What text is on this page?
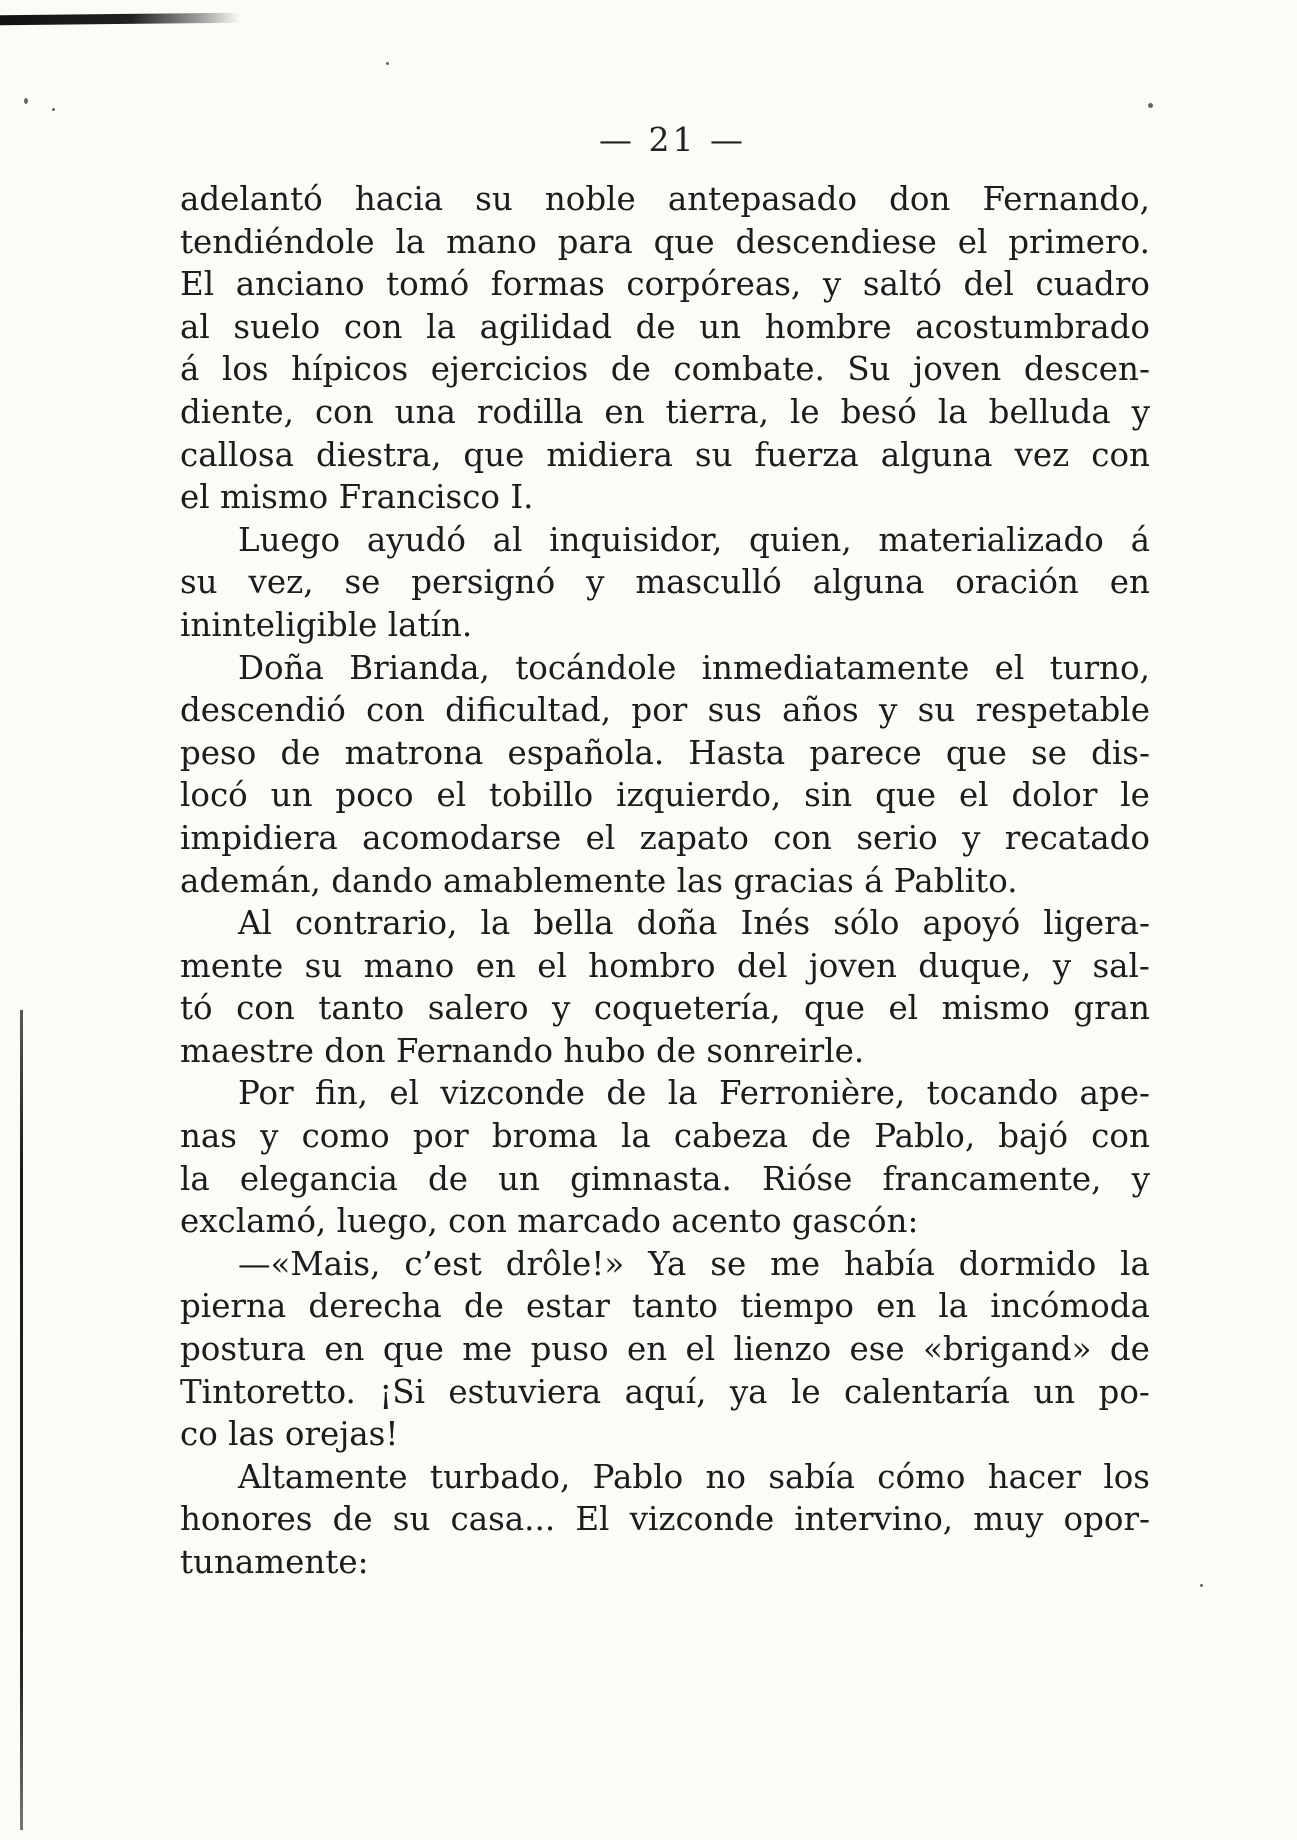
— 21 —
adelantó hacia su noble antepasado don Fernando,
tendiéndole la mano para que descendiese el primero.
El anciano tomó formas corpóreas, y saltó del cuadro
al suelo con la agilidad de un hombre acostumbrado
á los hípicos ejercicios de combate. Su joven descen-
diente, con una rodilla en tierra, le besó la belluda y
callosa diestra, que midiera su fuerza alguna vez con
el mismo Francisco I.
Luego ayudó al inquisidor, quien, materializado á
su vez, se persignó y masculló alguna oración en
ininteligible latín.
Doña Brianda, tocándole inmediatamente el turno,
descendió con dificultad, por sus años y su respetable
peso de matrona española. Hasta parece que se dis-
locó un poco el tobillo izquierdo, sin que el dolor le
impidiera acomodarse el zapato con serio y recatado
ademán, dando amablemente las gracias á Pablito.
Al contrario, la bella doña Inés sólo apoyó ligera-
mente su mano en el hombro del joven duque, y sal-
tó con tanto salero y coquetería, que el mismo gran
maestre don Fernando hubo de sonreirle.
Por fin, el vizconde de la Ferronière, tocando ape-
nas y como por broma la cabeza de Pablo, bajó con
la elegancia de un gimnasta. Rióse francamente, y
exclamó, luego, con marcado acento gascón:
—«Mais, c’est drôle!» Ya se me había dormido la
pierna derecha de estar tanto tiempo en la incómoda
postura en que me puso en el lienzo ese «brigand» de
Tintoretto. ¡Si estuviera aquí, ya le calentaría un po-
co las orejas!
Altamente turbado, Pablo no sabía cómo hacer los
honores de su casa... El vizconde intervino, muy opor-
tunamente:
